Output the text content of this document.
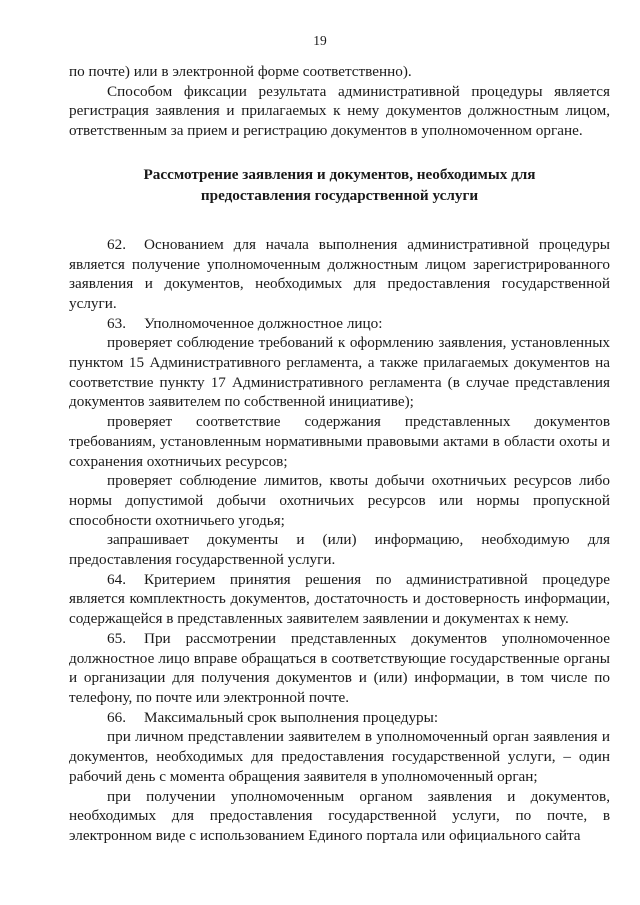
19

по почте) или в электронной форме соответственно).

Способом фиксации результата административной процедуры является регистрация заявления и прилагаемых к нему документов должностным лицом, ответственным за прием и регистрацию документов в уполномоченном органе.

Рассмотрение заявления и документов, необходимых для
предоставления государственной услуги

62. Основанием для начала выполнения административной процедуры является получение уполномоченным должностным лицом зарегистрированного заявления и документов, необходимых для предоставления государственной услуги.

63. Уполномоченное должностное лицо:

проверяет соблюдение требований к оформлению заявления, установленных пунктом 15 Административного регламента, а также прилагаемых документов на соответствие пункту 17 Административного регламента (в случае представления документов заявителем по собственной инициативе);

проверяет соответствие содержания представленных документов требованиям, установленным нормативными правовыми актами в области охоты и сохранения охотничьих ресурсов;

проверяет соблюдение лимитов, квоты добычи охотничьих ресурсов либо нормы допустимой добычи охотничьих ресурсов или нормы пропускной способности охотничьего угодья;

запрашивает документы и (или) информацию, необходимую для предоставления государственной услуги.

64. Критерием принятия решения по административной процедуре является комплектность документов, достаточность и достоверность информации, содержащейся в представленных заявителем заявлении и документах к нему.

65. При рассмотрении представленных документов уполномоченное должностное лицо вправе обращаться в соответствующие государственные органы и организации для получения документов и (или) информации, в том числе по телефону, по почте или электронной почте.

66. Максимальный срок выполнения процедуры:

при личном представлении заявителем в уполномоченный орган заявления и документов, необходимых для предоставления государственной услуги, – один рабочий день с момента обращения заявителя в уполномоченный орган;

при получении уполномоченным органом заявления и документов, необходимых для предоставления государственной услуги, по почте, в электронном виде с использованием Единого портала или официального сайта
